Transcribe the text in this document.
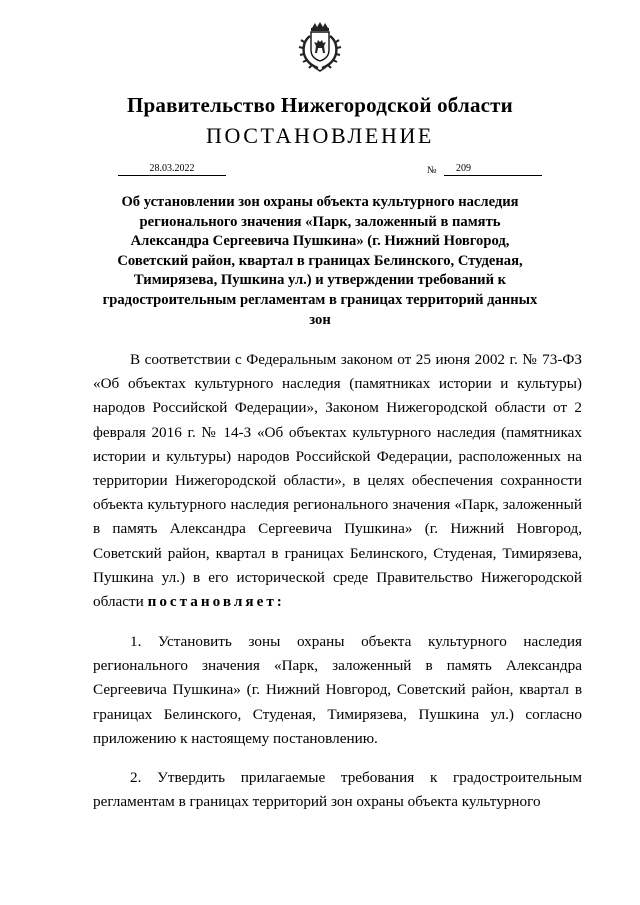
Правительство Нижегородской области
ПОСТАНОВЛЕНИЕ
28.03.2022	№	209
Об установлении зон охраны объекта культурного наследия регионального значения «Парк, заложенный в память Александра Сергеевича Пушкина» (г. Нижний Новгород, Советский район, квартал в границах Белинского, Студеная, Тимирязева, Пушкина ул.) и утверждении требований к градостроительным регламентам в границах территорий данных зон

В соответствии с Федеральным законом от 25 июня 2002 г. № 73-ФЗ «Об объектах культурного наследия (памятниках истории и культуры) народов Российской Федерации», Законом Нижегородской области от 2 февраля 2016 г. № 14-З «Об объектах культурного наследия (памятниках истории и культуры) народов Российской Федерации, расположенных на территории Нижегородской области», в целях обеспечения сохранности объекта культурного наследия регионального значения «Парк, заложенный в память Александра Сергеевича Пушкина» (г. Нижний Новгород, Советский район, квартал в границах Белинского, Студеная, Тимирязева, Пушкина ул.) в его исторической среде Правительство Нижегородской области постановляет:

1. Установить зоны охраны объекта культурного наследия регионального значения «Парк, заложенный в память Александра Сергеевича Пушкина» (г. Нижний Новгород, Советский район, квартал в границах Белинского, Студеная, Тимирязева, Пушкина ул.) согласно приложению к настоящему постановлению.

2. Утвердить прилагаемые требования к градостроительным регламентам в границах территорий зон охраны объекта культурного
